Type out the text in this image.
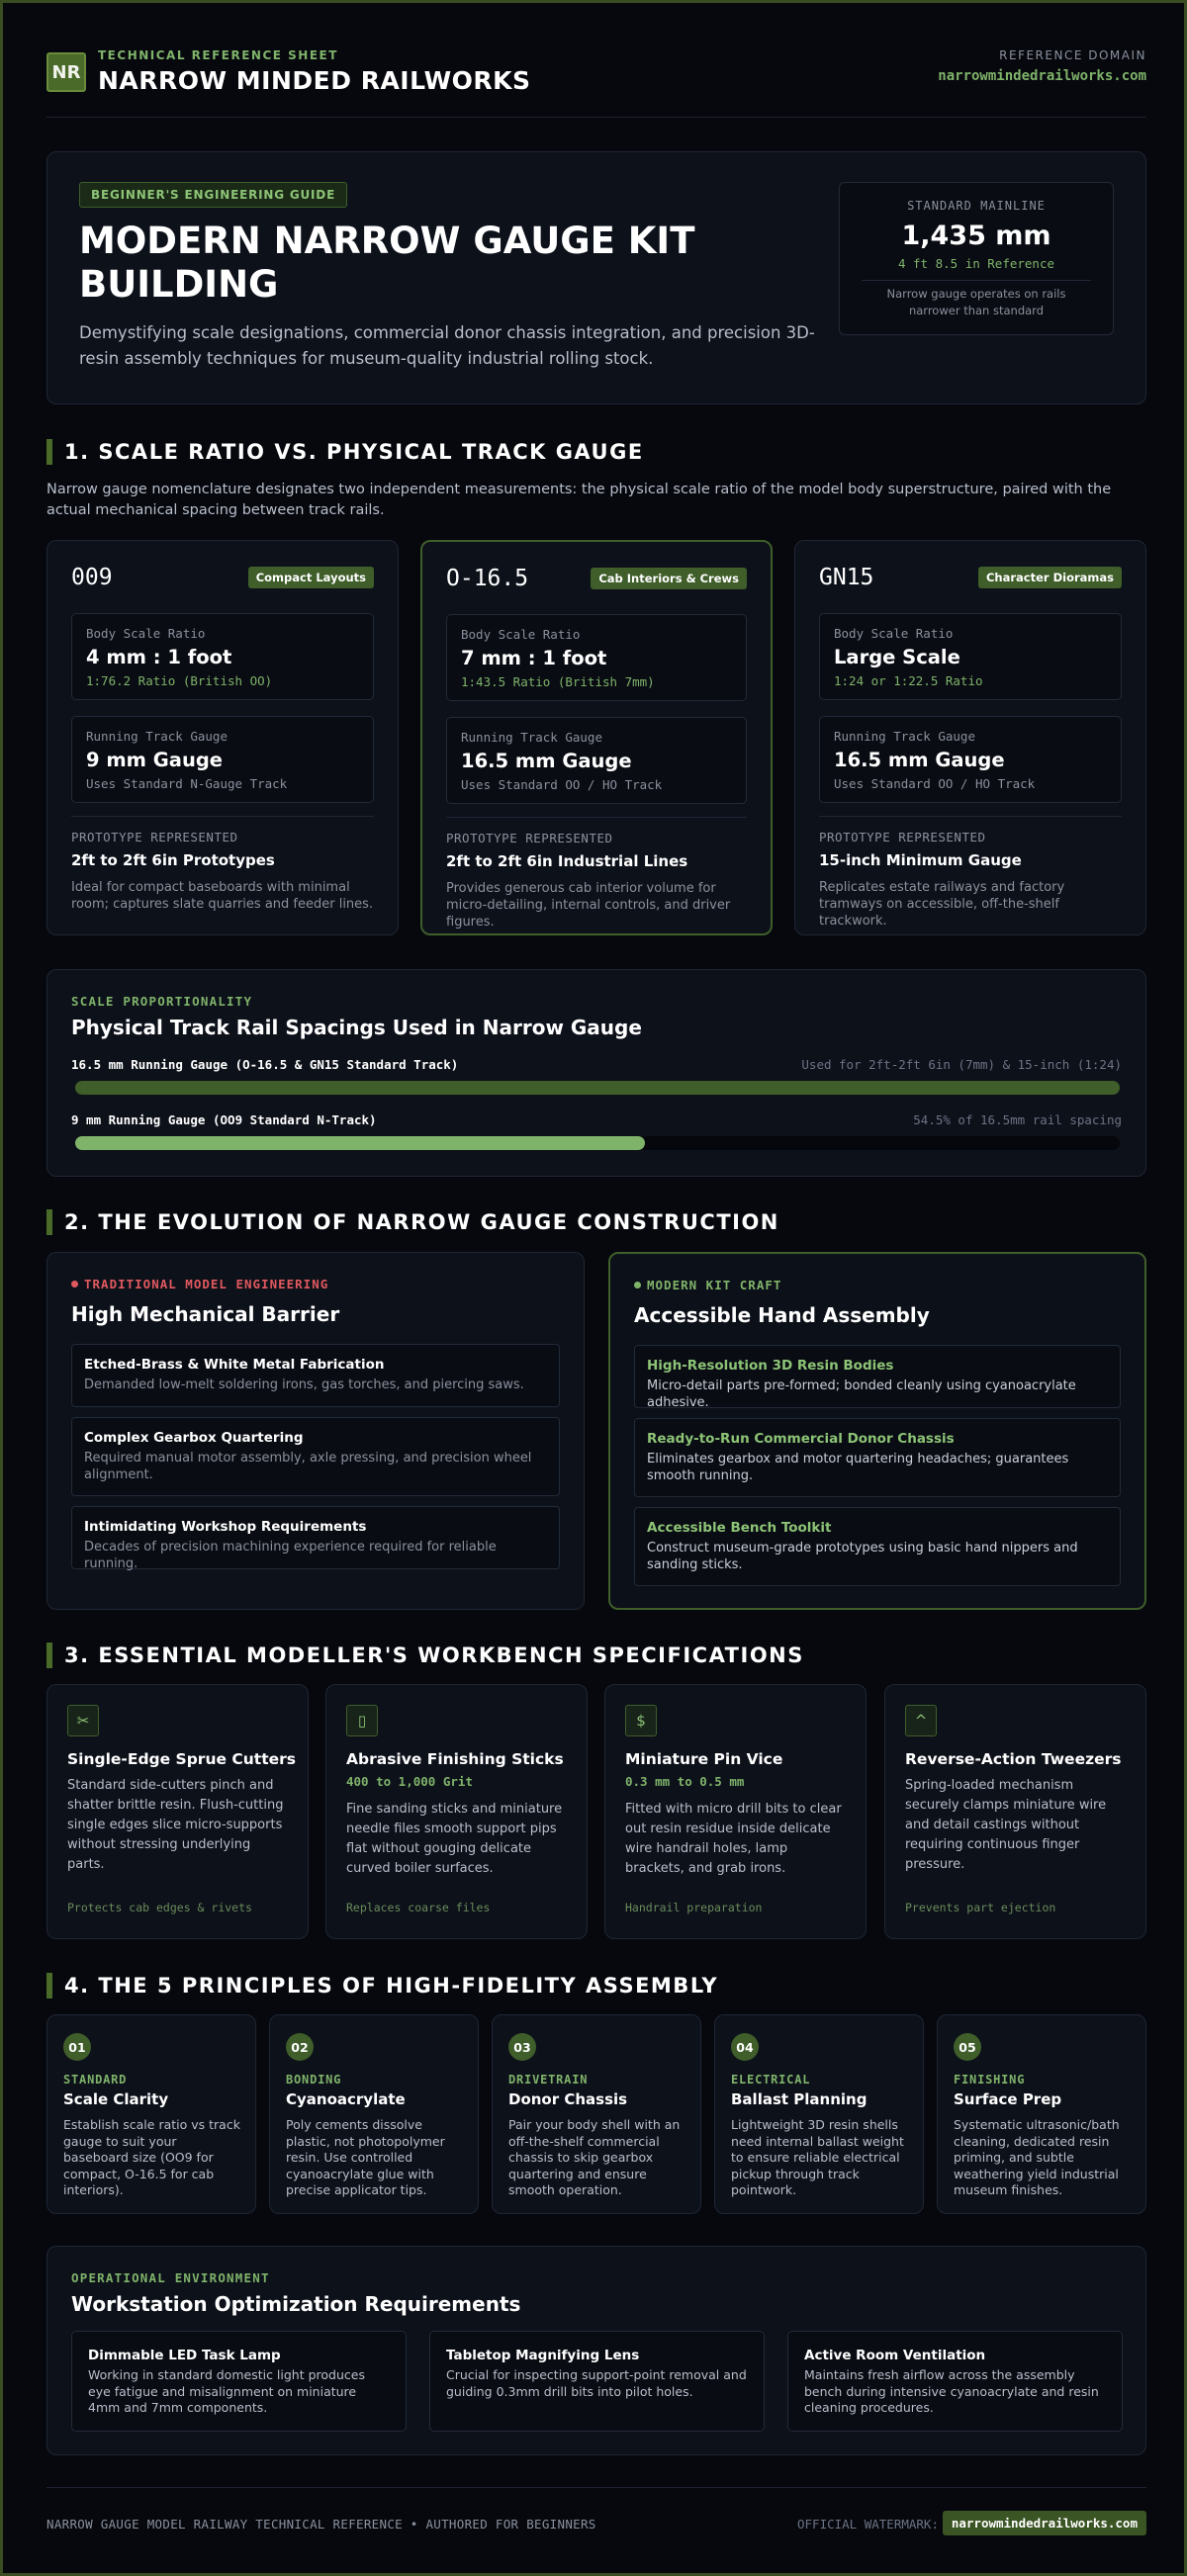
NR
TECHNICAL REFERENCE SHEET
NARROW MINDED RAILWORKS
REFERENCE DOMAIN
narrowmindedrailworks.com
BEGINNER'S ENGINEERING GUIDE
MODERN NARROW GAUGE KIT BUILDING
Demystifying scale designations, commercial donor chassis integration, and precision 3D-resin assembly techniques for museum-quality industrial rolling stock.
STANDARD MAINLINE
1,435 mm
4 ft 8.5 in Reference
Narrow gauge operates on rails narrower than standard
1. SCALE RATIO VS. PHYSICAL TRACK GAUGE
Narrow gauge nomenclature designates two independent measurements: the physical scale ratio of the model body superstructure, paired with the actual mechanical spacing between track rails.
009	Compact Layouts
Body Scale Ratio
4 mm : 1 foot
1:76.2 Ratio (British OO)
Running Track Gauge
9 mm Gauge
Uses Standard N-Gauge Track
PROTOTYPE REPRESENTED
2ft to 2ft 6in Prototypes
Ideal for compact baseboards with minimal room; captures slate quarries and feeder lines.
O-16.5	Cab Interiors & Crews
Body Scale Ratio
7 mm : 1 foot
1:43.5 Ratio (British 7mm)
Running Track Gauge
16.5 mm Gauge
Uses Standard OO / HO Track
PROTOTYPE REPRESENTED
2ft to 2ft 6in Industrial Lines
Provides generous cab interior volume for micro-detailing, internal controls, and driver figures.
GN15	Character Dioramas
Body Scale Ratio
Large Scale
1:24 or 1:22.5 Ratio
Running Track Gauge
16.5 mm Gauge
Uses Standard OO / HO Track
PROTOTYPE REPRESENTED
15-inch Minimum Gauge
Replicates estate railways and factory tramways on accessible, off-the-shelf trackwork.
SCALE PROPORTIONALITY
Physical Track Rail Spacings Used in Narrow Gauge
16.5 mm Running Gauge (O-16.5 & GN15 Standard Track)	Used for 2ft-2ft 6in (7mm) & 15-inch (1:24)
9 mm Running Gauge (OO9 Standard N-Track)	54.5% of 16.5mm rail spacing
2. THE EVOLUTION OF NARROW GAUGE CONSTRUCTION
TRADITIONAL MODEL ENGINEERING
High Mechanical Barrier
Etched-Brass & White Metal Fabrication
Demanded low-melt soldering irons, gas torches, and piercing saws.
Complex Gearbox Quartering
Required manual motor assembly, axle pressing, and precision wheel alignment.
Intimidating Workshop Requirements
Decades of precision machining experience required for reliable running.
MODERN KIT CRAFT
Accessible Hand Assembly
High-Resolution 3D Resin Bodies
Micro-detail parts pre-formed; bonded cleanly using cyanoacrylate adhesive.
Ready-to-Run Commercial Donor Chassis
Eliminates gearbox and motor quartering headaches; guarantees smooth running.
Accessible Bench Toolkit
Construct museum-grade prototypes using basic hand nippers and sanding sticks.
3. ESSENTIAL MODELLER'S WORKBENCH SPECIFICATIONS
✂
Single-Edge Sprue Cutters
Standard side-cutters pinch and shatter brittle resin. Flush-cutting single edges slice micro-supports without stressing underlying parts.
Protects cab edges & rivets
▯
Abrasive Finishing Sticks
400 to 1,000 Grit
Fine sanding sticks and miniature needle files smooth support pips flat without gouging delicate curved boiler surfaces.
Replaces coarse files
$
Miniature Pin Vice
0.3 mm to 0.5 mm
Fitted with micro drill bits to clear out resin residue inside delicate wire handrail holes, lamp brackets, and grab irons.
Handrail preparation
^
Reverse-Action Tweezers
Spring-loaded mechanism securely clamps miniature wire and detail castings without requiring continuous finger pressure.
Prevents part ejection
4. THE 5 PRINCIPLES OF HIGH-FIDELITY ASSEMBLY
01
STANDARD
Scale Clarity
Establish scale ratio vs track gauge to suit your baseboard size (OO9 for compact, O-16.5 for cab interiors).
02
BONDING
Cyanoacrylate
Poly cements dissolve plastic, not photopolymer resin. Use controlled cyanoacrylate glue with precise applicator tips.
03
DRIVETRAIN
Donor Chassis
Pair your body shell with an off-the-shelf commercial chassis to skip gearbox quartering and ensure smooth operation.
04
ELECTRICAL
Ballast Planning
Lightweight 3D resin shells need internal ballast weight to ensure reliable electrical pickup through track pointwork.
05
FINISHING
Surface Prep
Systematic ultrasonic/bath cleaning, dedicated resin priming, and subtle weathering yield industrial museum finishes.
OPERATIONAL ENVIRONMENT
Workstation Optimization Requirements
Dimmable LED Task Lamp
Working in standard domestic light produces eye fatigue and misalignment on miniature 4mm and 7mm components.
Tabletop Magnifying Lens
Crucial for inspecting support-point removal and guiding 0.3mm drill bits into pilot holes.
Active Room Ventilation
Maintains fresh airflow across the assembly bench during intensive cyanoacrylate and resin cleaning procedures.
NARROW GAUGE MODEL RAILWAY TECHNICAL REFERENCE • AUTHORED FOR BEGINNERS	OFFICIAL WATERMARK:	narrowmindedrailworks.com
